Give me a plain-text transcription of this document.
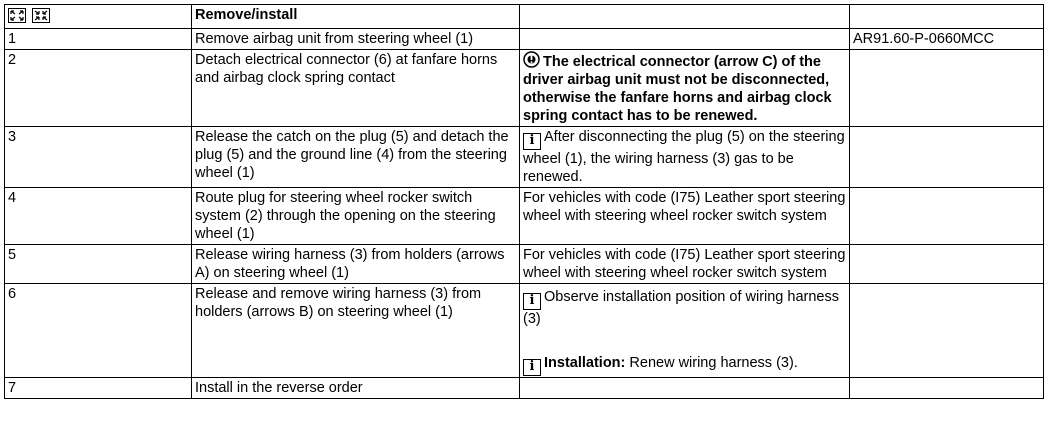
	Remove/install		
1	Remove airbag unit from steering wheel (1)		AR91.60-P-0660MCC
2	Detach electrical connector (6) at fanfare horns and airbag clock spring contact	The electrical connector (arrow C) of the driver airbag unit must not be disconnected, otherwise the fanfare horns and airbag clock spring contact has to be renewed.	
3	Release the catch on the plug (5) and detach the plug (5) and the ground line (4) from the steering wheel (1)	i After disconnecting the plug (5) on the steering wheel (1), the wiring harness (3) gas to be renewed.	
4	Route plug for steering wheel rocker switch system (2) through the opening on the steering wheel (1)	For vehicles with code (I75) Leather sport steering wheel with steering wheel rocker switch system	
5	Release wiring harness (3) from holders (arrows A) on steering wheel (1)	For vehicles with code (I75) Leather sport steering wheel with steering wheel rocker switch system	
6	Release and remove wiring harness (3) from holders (arrows B) on steering wheel (1)	i Observe installation position of wiring harness (3)
i Installation: Renew wiring harness (3).	

7	Install in the reverse order		
